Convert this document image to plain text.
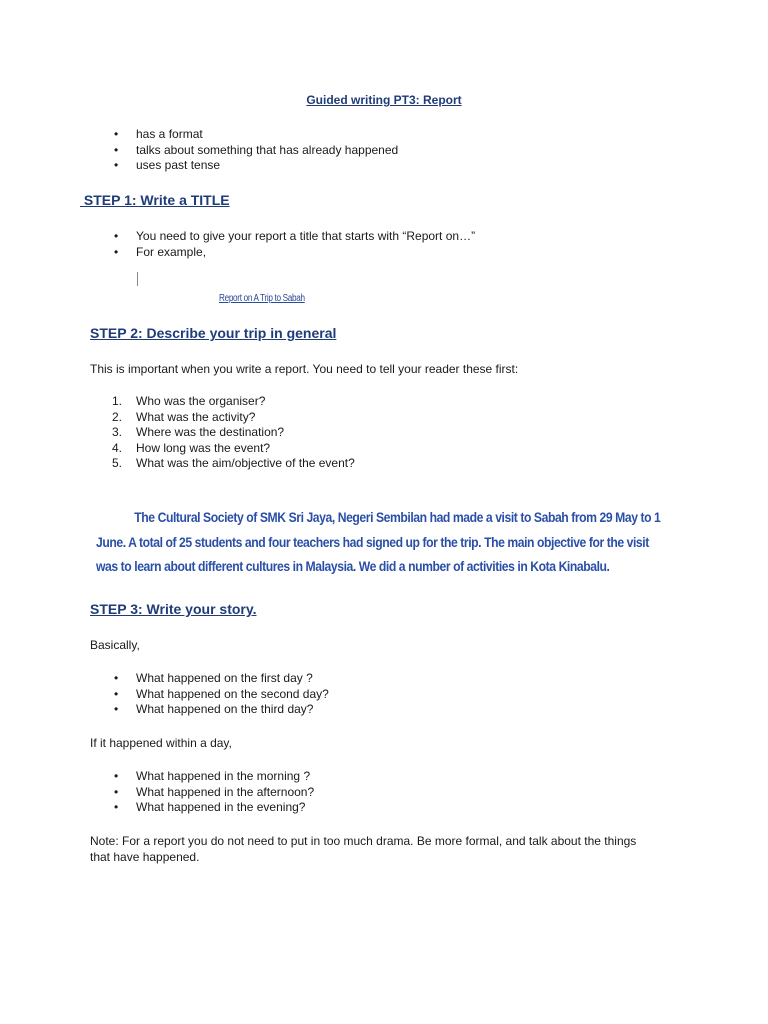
Guided writing PT3: Report
• has a format
• talks about something that has already happened
• uses past tense
STEP 1: Write a TITLE
• You need to give your report a title that starts with “Report on…”
• For example,
Report on A Trip to Sabah
STEP 2: Describe your trip in general
This is important when you write a report. You need to tell your reader these first:
1. Who was the organiser?
2. What was the activity?
3. Where was the destination?
4. How long was the event?
5. What was the aim/objective of the event?
The Cultural Society of SMK Sri Jaya, Negeri Sembilan had made a visit to Sabah from 29 May to 1
June. A total of 25 students and four teachers had signed up for the trip. The main objective for the visit
was to learn about different cultures in Malaysia. We did a number of activities in Kota Kinabalu.
STEP 3: Write your story.
Basically,
• What happened on the first day ?
• What happened on the second day?
• What happened on the third day?
If it happened within a day,
• What happened in the morning ?
• What happened in the afternoon?
• What happened in the evening?
Note: For a report you do not need to put in too much drama. Be more formal, and talk about the things
that have happened.
